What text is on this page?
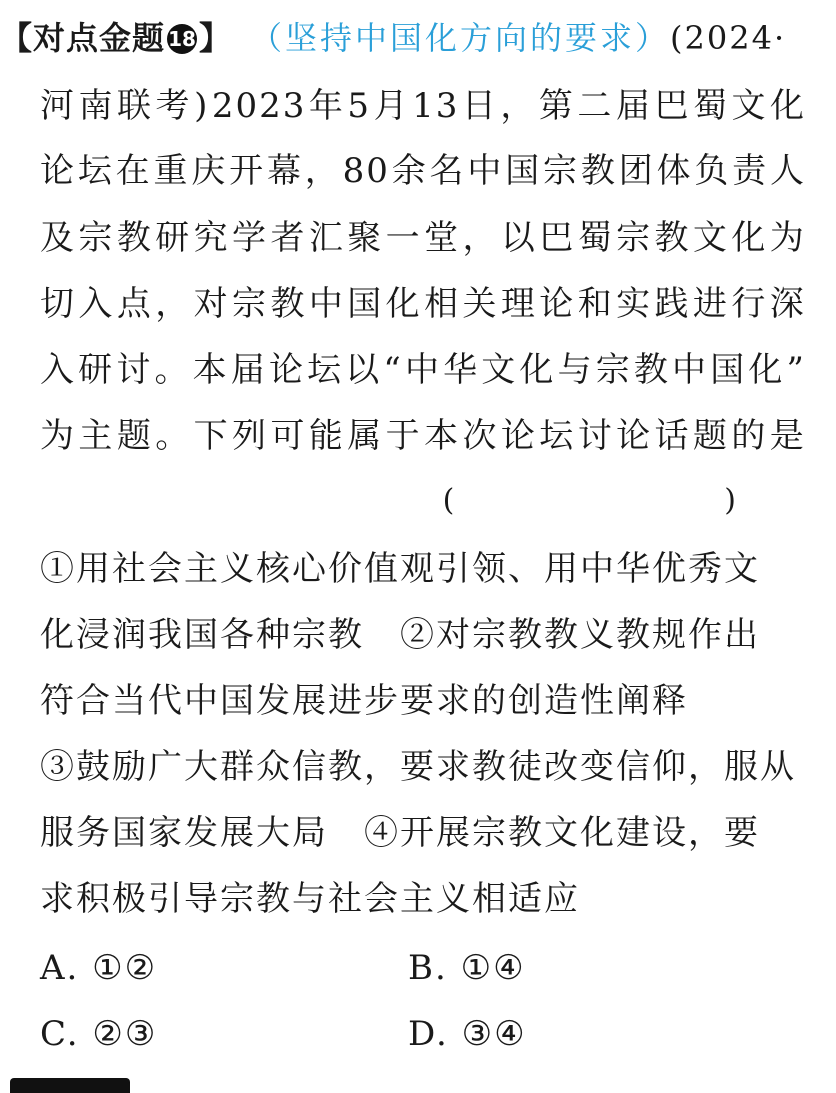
【对点金题 18】 （坚持中国化方向的要求）(2024·
河 南 联 考 ) 2023 年 5 月 13 日 ， 第 二 届 巴 蜀 文 化
论 坛 在 重 庆 开 幕 ， 80 余 名 中 国 宗 教 团 体 负 责 人
及 宗 教 研 究 学 者 汇 聚 一 堂 ， 以 巴 蜀 宗 教 文 化 为
切 入 点 ， 对 宗 教 中 国 化 相 关 理 论 和 实 践 进 行 深
入 研 讨 。 本 届 论 坛 以 “ 中 华 文 化 与 宗 教 中 国 化 ”
为 主 题 。 下 列 可 能 属 于 本 次 论 坛 讨 论 话 题 的 是
(　　)
①用社会主义核心价值观引领、用中华优秀文
化浸润我国各种宗教　②对宗教教义教规作出
符合当代中国发展进步要求的创造性阐释
③鼓励广大群众信教，要求教徒改变信仰，服从
服务国家发展大局　④开展宗教文化建设，要
求积极引导宗教与社会主义相适应
A. ①②	B. ①④
C. ②③	D. ③④
